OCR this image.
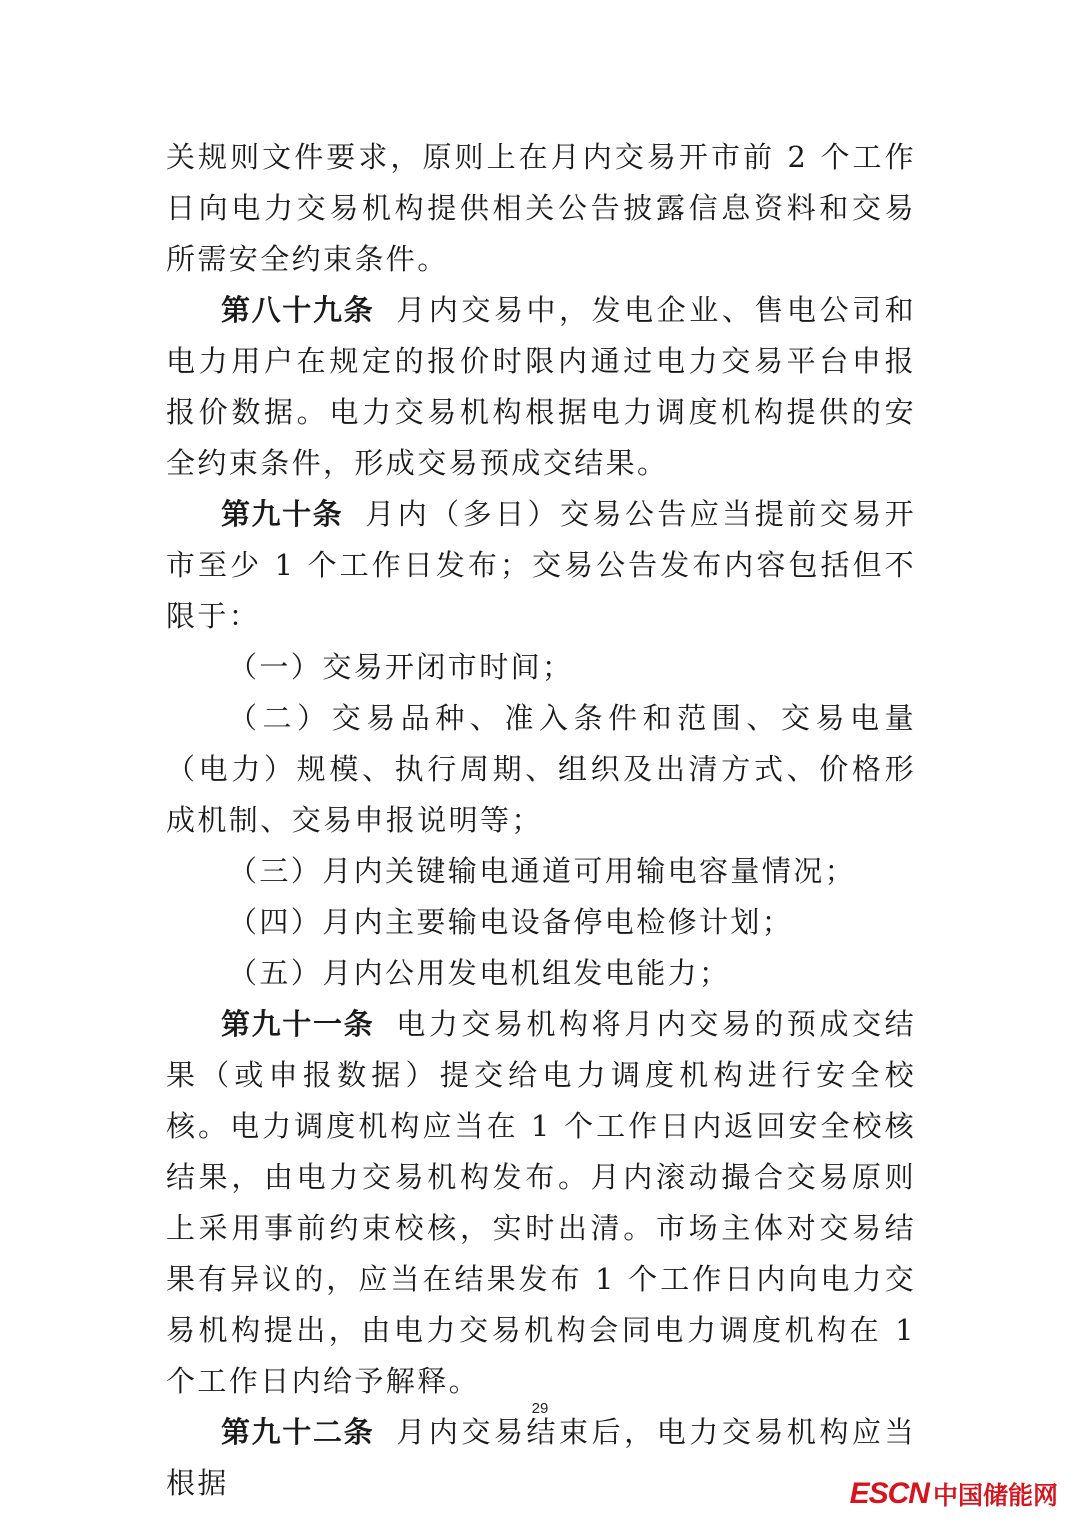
关规则文件要求，原则上在月内交易开市前 2 个工作日向电力交易机构提供相关公告披露信息资料和交易所需安全约束条件。

第八十九条 月内交易中，发电企业、售电公司和电力用户在规定的报价时限内通过电力交易平台申报报价数据。电力交易机构根据电力调度机构提供的安全约束条件，形成交易预成交结果。

第九十条 月内（多日）交易公告应当提前交易开市至少 1 个工作日发布；交易公告发布内容包括但不限于：

（一）交易开闭市时间；

（二）交易品种、准入条件和范围、交易电量（电力）规模、执行周期、组织及出清方式、价格形成机制、交易申报说明等；

（三）月内关键输电通道可用输电容量情况；

（四）月内主要输电设备停电检修计划；

（五）月内公用发电机组发电能力；

第九十一条 电力交易机构将月内交易的预成交结果（或申报数据）提交给电力调度机构进行安全校核。电力调度机构应当在 1 个工作日内返回安全校核结果，由电力交易机构发布。月内滚动撮合交易原则上采用事前约束校核，实时出清。市场主体对交易结果有异议的，应当在结果发布 1 个工作日内向电力交易机构提出，由电力交易机构会同电力调度机构在 1 个工作日内给予解释。

第九十二条 月内交易结束后，电力交易机构应当根据

29
ESCN 中国储能网
